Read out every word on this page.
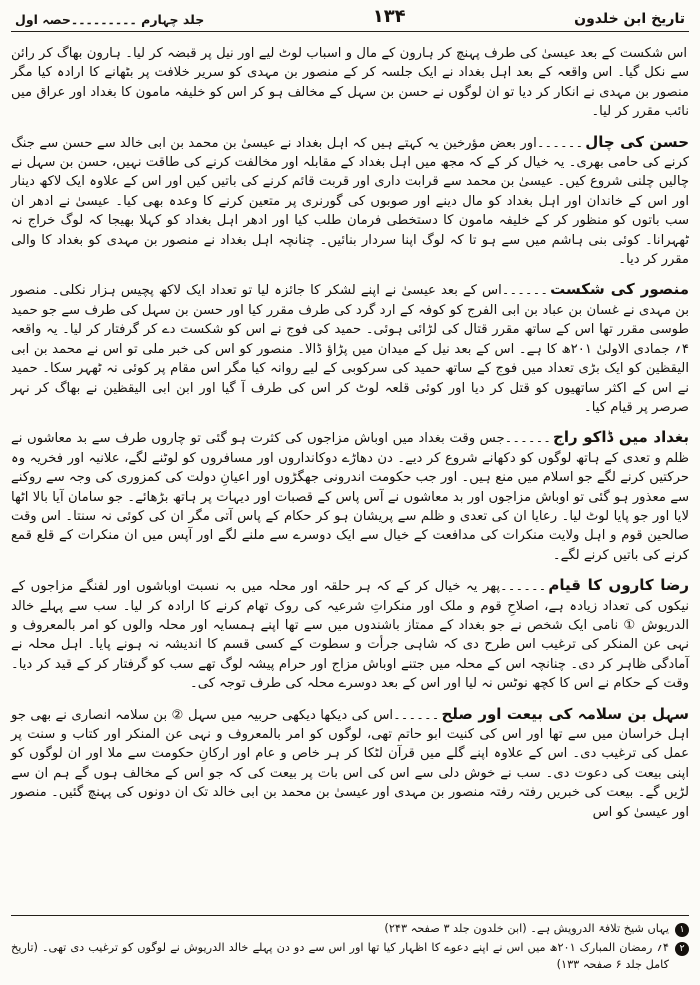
تاریخ ابن خلدون
۱۳۴
جلد چہارم ۔۔۔۔۔۔۔۔۔حصہ اول

اس شکست کے بعد عیسیٰ کی طرف پہنچ کر ہارون کے مال و اسباب لوٹ لیے اور نیل پر قبضہ کر لیا۔ ہارون بھاگ کر رائن سے نکل گیا۔ اس واقعہ کے بعد اہل بغداد نے ایک جلسہ کر کے منصور بن مہدی کو سریر خلافت پر بٹھانے کا ارادہ کیا مگر منصور بن مہدی نے انکار کر دیا تو ان لوگوں نے حسن بن سہل کے مخالف ہو کر اس کو خلیفہ مامون کا بغداد اور عراق میں نائب مقرر کر لیا۔

حسن کی چال۔۔۔۔۔۔اور بعض مؤرخین یہ کہتے ہیں کہ اہل بغداد نے عیسیٰ بن محمد بن ابی خالد سے حسن سے جنگ کرنے کی حامی بھری۔ یہ خیال کر کے کہ مجھ میں اہل بغداد کے مقابلہ اور مخالفت کرنے کی طاقت نہیں، حسن بن سہل نے چالیں چلنی شروع کیں۔ عیسیٰ بن محمد سے قرابت داری اور قربت قائم کرنے کی باتیں کیں اور اس کے علاوہ ایک لاکھ دینار اور اس کے خاندان اور اہل بغداد کو مال دینے اور صوبوں کی گورنری پر متعین کرنے کا وعدہ بھی کیا۔ عیسیٰ نے ادھر ان سب باتوں کو منظور کر کے خلیفہ مامون کا دستخطی فرمان طلب کیا اور ادھر اہل بغداد کو کہلا بھیجا کہ لوگ خراج نہ ٹھہرانا۔ کوئی بنی ہاشم میں سے ہو تا کہ لوگ اپنا سردار بنائیں۔ چنانچہ اہل بغداد نے منصور بن مہدی کو بغداد کا والی مقرر کر دیا۔

منصور کی شکست۔۔۔۔۔۔اس کے بعد عیسیٰ نے اپنے لشکر کا جائزہ لیا تو تعداد ایک لاکھ پچیس ہزار نکلی۔ منصور بن مہدی نے غسان بن عباد بن ابی الفرج کو کوفہ کے ارد گرد کی طرف مقرر کیا اور حسن بن سہل کی طرف سے جو حمید طوسی مقرر تھا اس کے ساتھ مقرر قتال کی لڑائی ہوئی۔ حمید کی فوج نے اس کو شکست دے کر گرفتار کر لیا۔ یہ واقعہ ۴؍ جمادی الاولیٰ ۲۰۱ھ کا ہے۔ اس کے بعد نیل کے میدان میں پڑاؤ ڈالا۔ منصور کو اس کی خبر ملی تو اس نے محمد بن ابی الیقظین کو ایک بڑی تعداد میں فوج کے ساتھ حمید کی سرکوبی کے لیے روانہ کیا مگر اس مقام پر کوئی نہ ٹھہر سکا۔ حمید نے اس کے اکثر ساتھیوں کو قتل کر دیا اور کوئی قلعہ لوٹ کر اس کی طرف آ گیا اور ابن ابی الیقظین نے بھاگ کر نہر صرصر پر قیام کیا۔

بغداد میں ڈاکو راج۔۔۔۔۔۔جس وقت بغداد میں اوباش مزاجوں کی کثرت ہو گئی تو چاروں طرف سے بد معاشوں نے ظلم و تعدی کے ہاتھ لوگوں کو دکھانے شروع کر دیے۔ دن دھاڑے دوکانداروں اور مسافروں کو لوٹنے لگے، علانیہ اور فخریہ وہ حرکتیں کرنے لگے جو اسلام میں منع ہیں۔ اور جب حکومت اندرونی جھگڑوں اور اعیانِ دولت کی کمزوری کی وجہ سے روکنے سے معذور ہو گئی تو اوباش مزاجوں اور بد معاشوں نے آس پاس کے قصبات اور دیہات پر ہاتھ بڑھائے۔ جو سامان آیا بالا اٹھا لایا اور جو پایا لوٹ لیا۔ رعایا ان کی تعدی و ظلم سے پریشان ہو کر حکام کے پاس آتی مگر ان کی کوئی نہ سنتا۔ اس وقت صالحین قوم و اہل ولایت منکرات کی مدافعت کے خیال سے ایک دوسرے سے ملنے لگے اور آپس میں ان منکرات کے قلع قمع کرنے کی باتیں کرنے لگے۔

رضا کاروں کا قیام۔۔۔۔۔۔پھر یہ خیال کر کے کہ ہر حلقہ اور محلہ میں بہ نسبت اوباشوں اور لفنگے مزاجوں کے نیکوں کی تعداد زیادہ ہے، اصلاحِ قوم و ملک اور منکراتِ شرعیہ کی روک تھام کرنے کا ارادہ کر لیا۔ سب سے پہلے خالد الدریوش ① نامی ایک شخص نے جو بغداد کے ممتاز باشندوں میں سے تھا اپنے ہمسایہ اور محلہ والوں کو امر بالمعروف و نہی عن المنکر کی ترغیب اس طرح دی کہ شاہی جرأت و سطوت کے کسی قسم کا اندیشہ نہ ہونے پایا۔ اہل محلہ نے آمادگی ظاہر کر دی۔ چنانچہ اس کے محلہ میں جتنے اوباش مزاج اور حرام پیشہ لوگ تھے سب کو گرفتار کر کے قید کر دیا۔ وقت کے حکام نے اس کا کچھ نوٹس نہ لیا اور اس کے بعد دوسرے محلہ کی طرف توجہ کی۔

سہل بن سلامہ کی بیعت اور صلح۔۔۔۔۔۔اس کی دیکھا دیکھی حربیہ میں سہل ② بن سلامہ انصاری نے بھی جو اہل خراسان میں سے تھا اور اس کی کنیت ابو حاتم تھی، لوگوں کو امر بالمعروف و نہی عن المنکر اور کتاب و سنت پر عمل کی ترغیب دی۔ اس کے علاوہ اپنے گلے میں قرآن لٹکا کر ہر خاص و عام اور ارکانِ حکومت سے ملا اور ان لوگوں کو اپنی بیعت کی دعوت دی۔ سب نے خوش دلی سے اس کی اس بات پر بیعت کی کہ جو اس کے مخالف ہوں گے ہم ان سے لڑیں گے۔ بیعت کی خبریں رفتہ رفتہ منصور بن مہدی اور عیسیٰ بن محمد بن ابی خالد تک ان دونوں کی پہنچ گئیں۔ منصور اور عیسیٰ کو اس

۱
یہاں شیخ تلافۃ الدرویش ہے۔ (ابن خلدون جلد ۳ صفحہ ۲۴۳)
۲
۴؍ رمضان المبارک ۲۰۱ھ میں اس نے اپنے دعوے کا اظہار کیا تھا اور اس سے دو دن پہلے خالد الدریوش نے لوگوں کو ترغیب دی تھی۔ (تاریخ کامل جلد ۶ صفحہ ۱۳۳)
